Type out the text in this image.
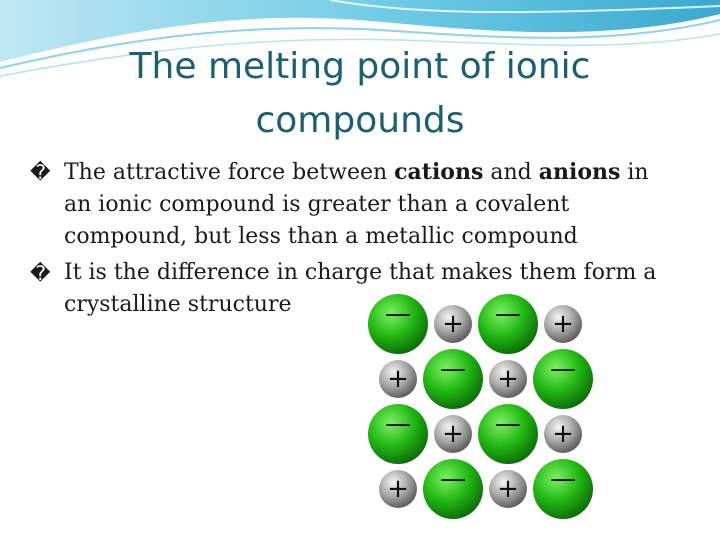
The melting point of ionic compounds
� The attractive force between cations and anions in an ionic compound is greater than a covalent compound, but less than a metallic compound
� It is the difference in charge that makes them form a crystalline structure	— + — +
+ — + —
— + — +
+ — + —
